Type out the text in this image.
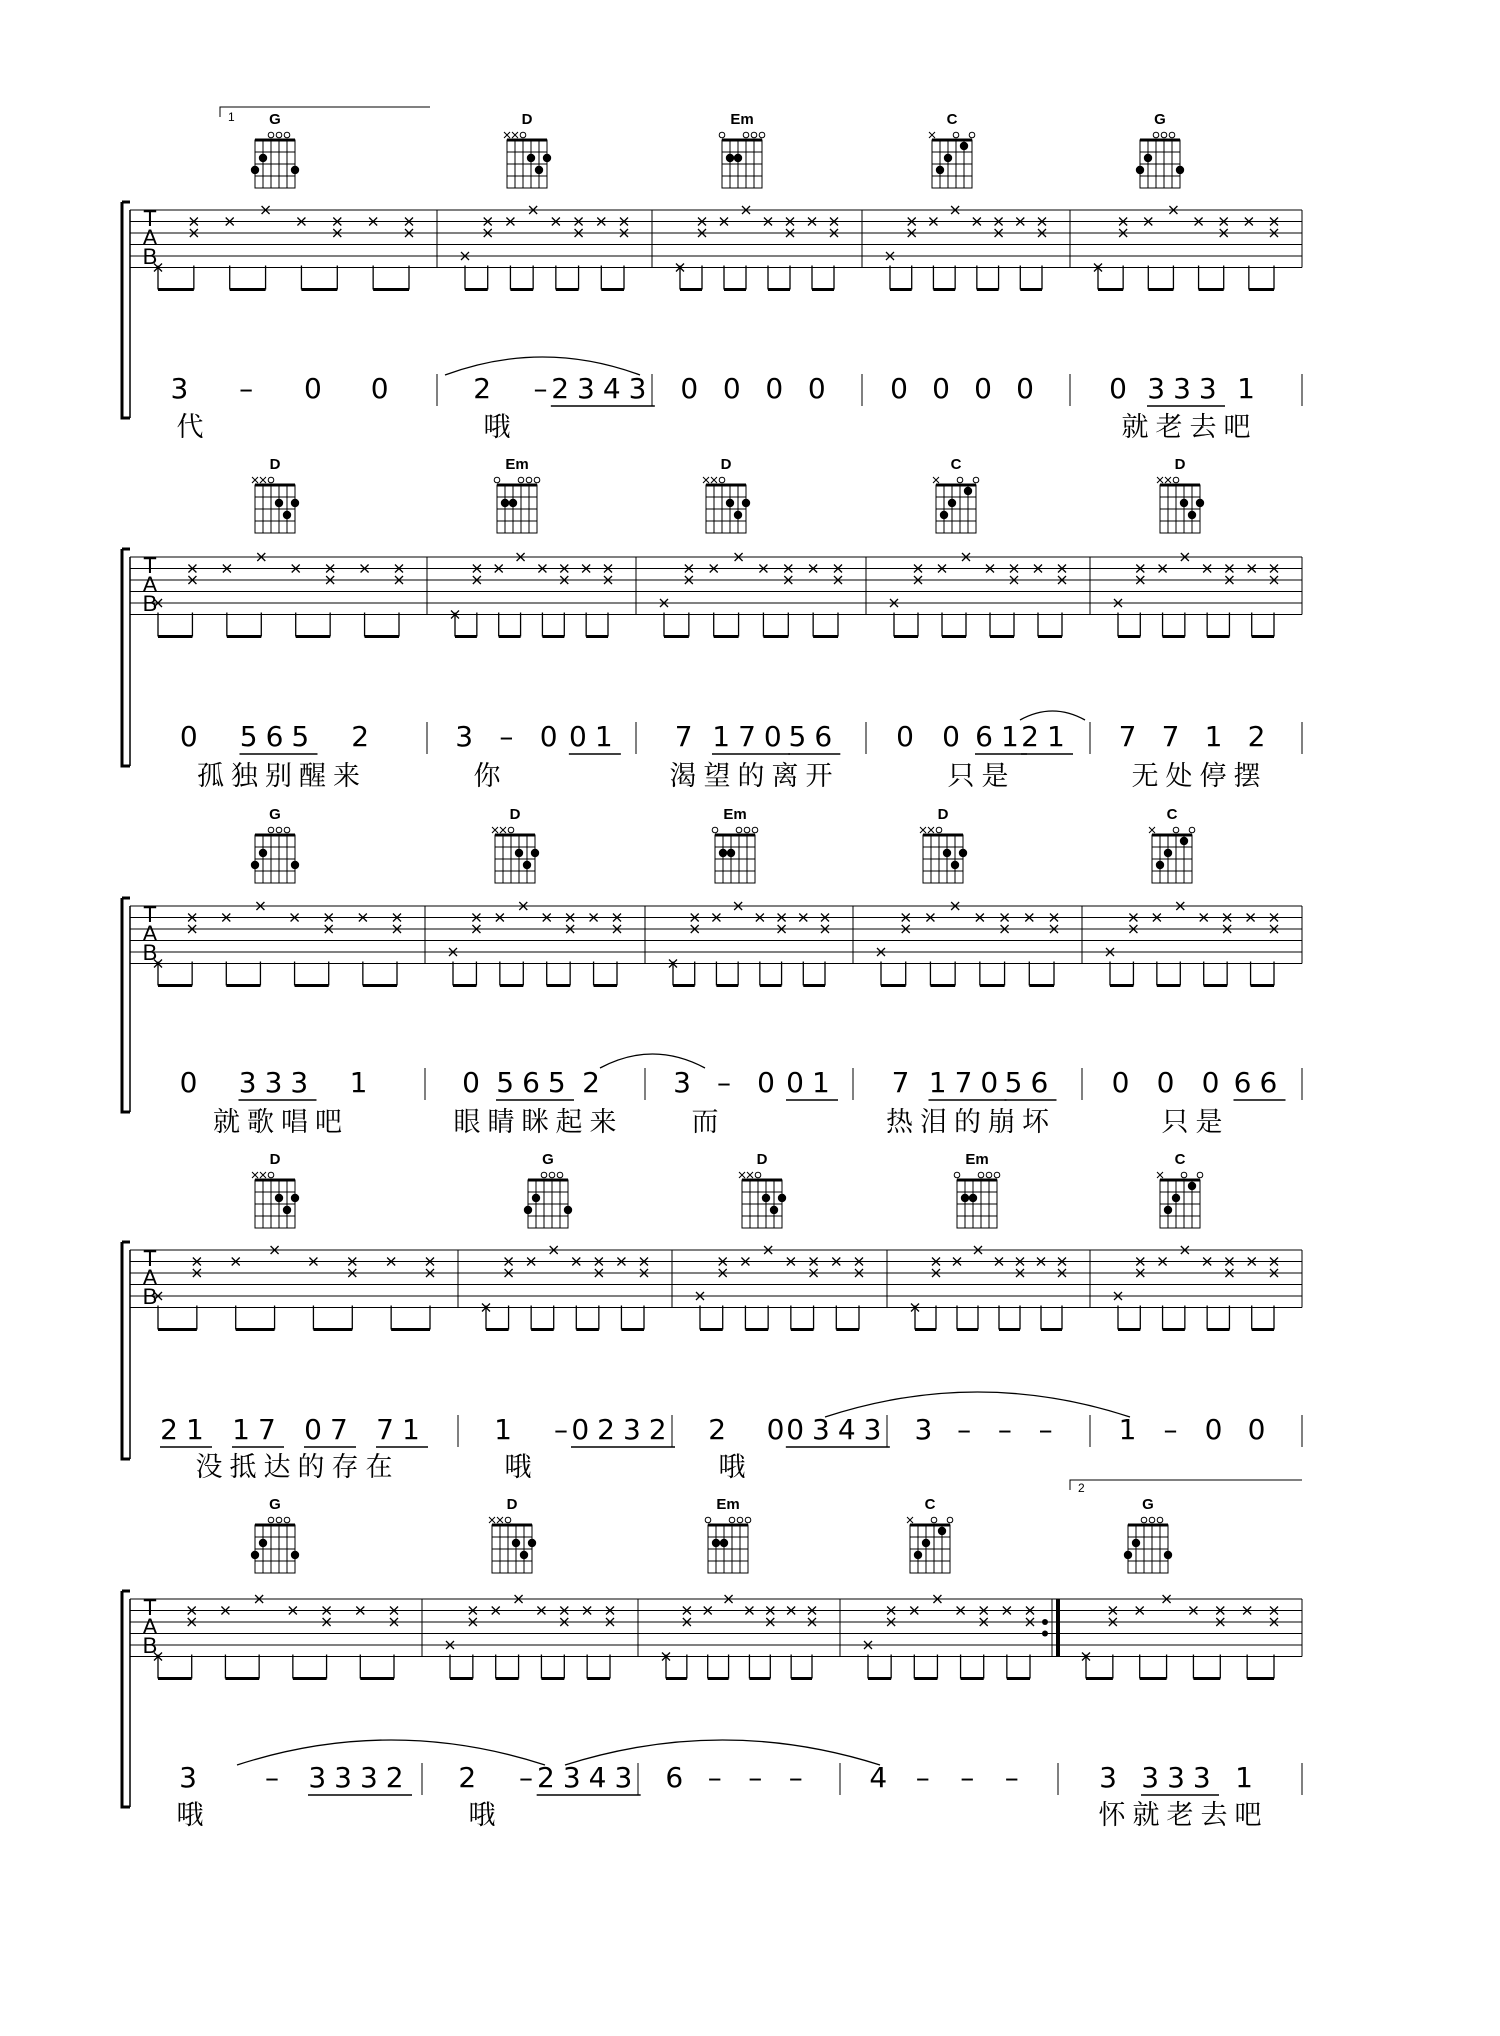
T
A
B
1 G
3 – 0 0
代
D
2 –
2343
哦
Em
0 0 0 0
C
0 0 0 0
G
0 333 1
就 老 去 吧
T
A
B
D
0 565 2
孤 独 别 醒 来
Em
3 – 0 01
你
D
7 170
56
渴 望 的 离 开
C
0 0 61
21
只 是
D
7 7 1 2
无 处 停 摆
T
A
B
G
0 333 1
就 歌 唱 吧
D
0 565 2
眼 睛 眯 起 来
Em
3 – 0 01
而
D
7 170
56
热 泪 的 崩 坏
C
0 0 0 66
只 是
T
A
B
D
21 17 07 71
没 抵 达 的 存 在
G
1 –
0232
哦
D
2 0
0343
哦
Em
3 – – –
C
1 – 0 0
T
A
B
2
G
3 – 3332
哦
D
2 –
2343
哦
Em
6 – – –
C
4 – – –
G
3 333 1
怀 就 老 去 吧
